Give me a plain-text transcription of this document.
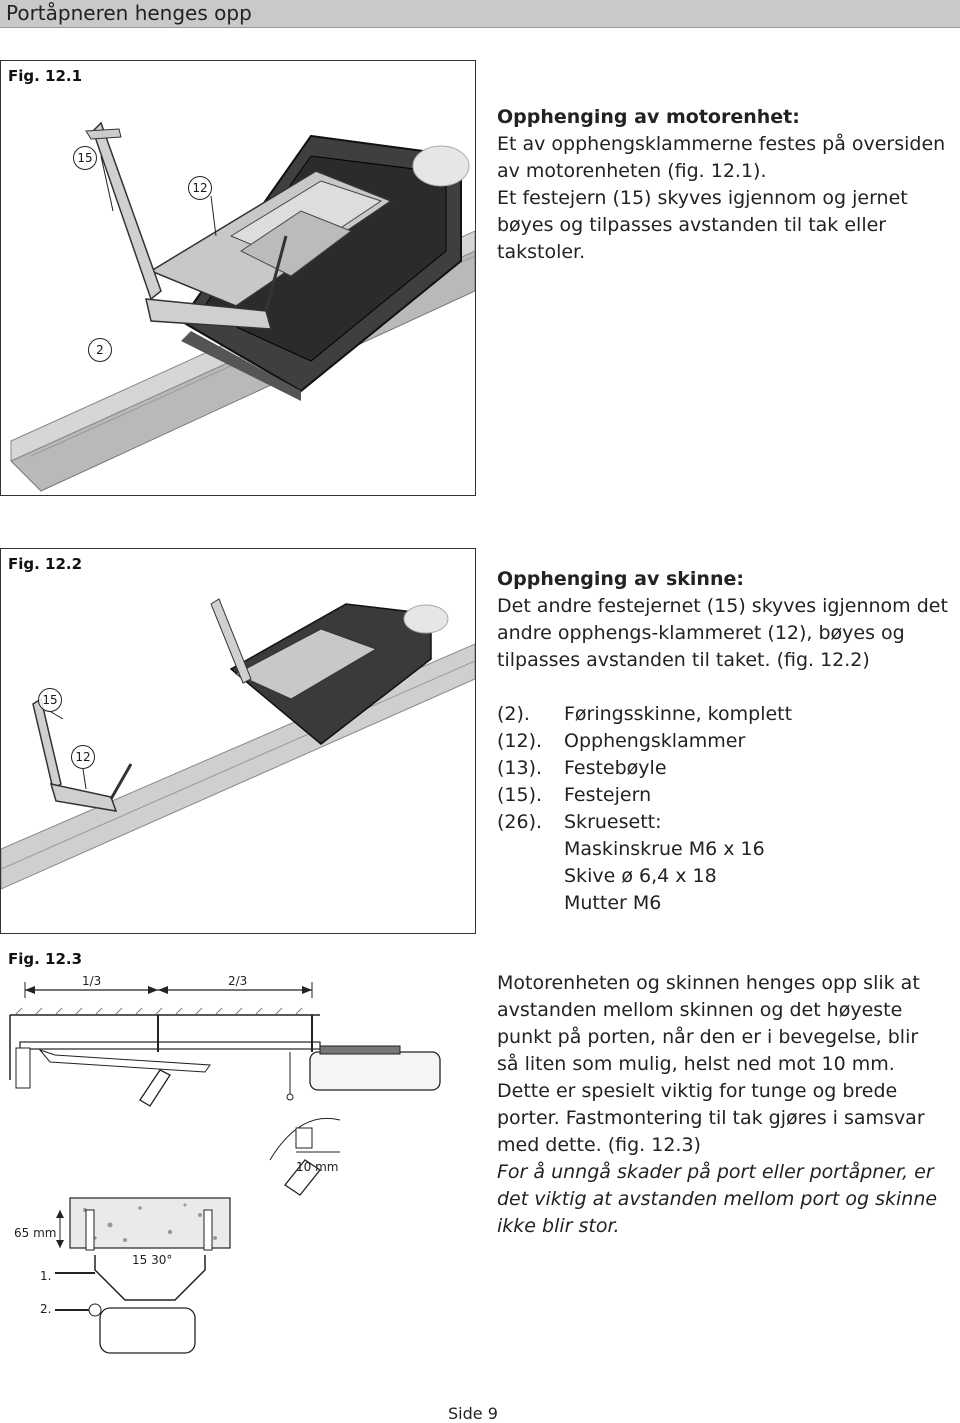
Portåpneren henges opp
15
12
2
Fig. 12.1

Opphenging av motorenhet:

Et av opphengsklammerne festes på oversiden

av motorenheten (fig. 12.1).

Et festejern (15) skyves igjennom og jernet

bøyes og tilpasses avstanden til tak eller

takstoler.

15
12
Fig. 12.2

Opphenging av skinne:

Det andre festejernet (15) skyves igjennom det

andre opphengs-klammeret (12), bøyes og

tilpasses avstanden til taket. (fig. 12.2)

(2).	Føringsskinne, komplett
(12).	Opphengsklammer
(13).	Festebøyle
(15).	Festejern
(26).	Skruesett:
Maskinskrue M6 x 16
Skive ø 6,4 x 18
Mutter M6
Fig. 12.3
1/3	2/3
10 mm
65 mm
15 30°
1.
2.

Motorenheten og skinnen henges opp slik at

avstanden mellom skinnen og det høyeste

punkt på porten, når den er i bevegelse, blir

så liten som mulig, helst ned mot 10 mm.

Dette er spesielt viktig for tunge og brede

porter. Fastmontering til tak gjøres i samsvar

med dette. (fig. 12.3)

For å unngå skader på port eller portåpner, er

det viktig at avstanden mellom port og skinne

ikke blir stor.

Side 9
